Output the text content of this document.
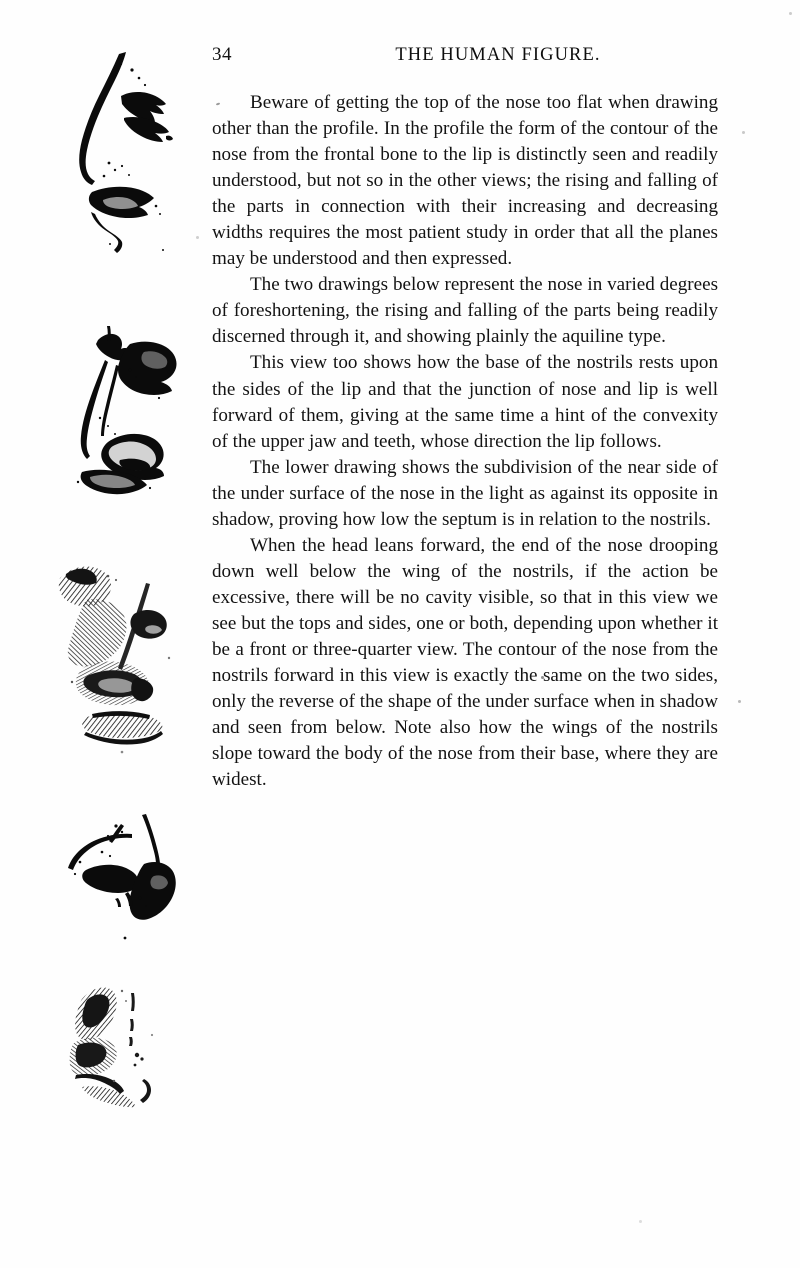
34	THE HUMAN FIGURE.

Beware of getting the top of the nose too flat when drawing other than the profile. In the profile the form of the contour of the nose from the frontal bone to the lip is distinctly seen and readily understood, but not so in the other views; the rising and falling of the parts in connection with their increasing and decreasing widths requires the most patient study in order that all the planes may be understood and then expressed.

The two drawings below represent the nose in varied degrees of foreshortening, the rising and falling of the parts being readily discerned through it, and showing plainly the aquiline type.

This view too shows how the base of the nostrils rests upon the sides of the lip and that the junction of nose and lip is well forward of them, giving at the same time a hint of the convexity of the upper jaw and teeth, whose direction the lip follows.

The lower drawing shows the subdivision of the near side of the under surface of the nose in the light as against its opposite in shadow, proving how low the septum is in relation to the nostrils.

When the head leans forward, the end of the nose drooping down well below the wing of the nostrils, if the action be excessive, there will be no cavity visible, so that in this view we see but the tops and sides, one or both, depending upon whether it be a front or three-quarter view. The contour of the nose from the nostrils forward in this view is exactly the same on the two sides, only the reverse of the shape of the under surface when in shadow and seen from below. Note also how the wings of the nostrils slope toward the body of the nose from their base, where they are widest.
